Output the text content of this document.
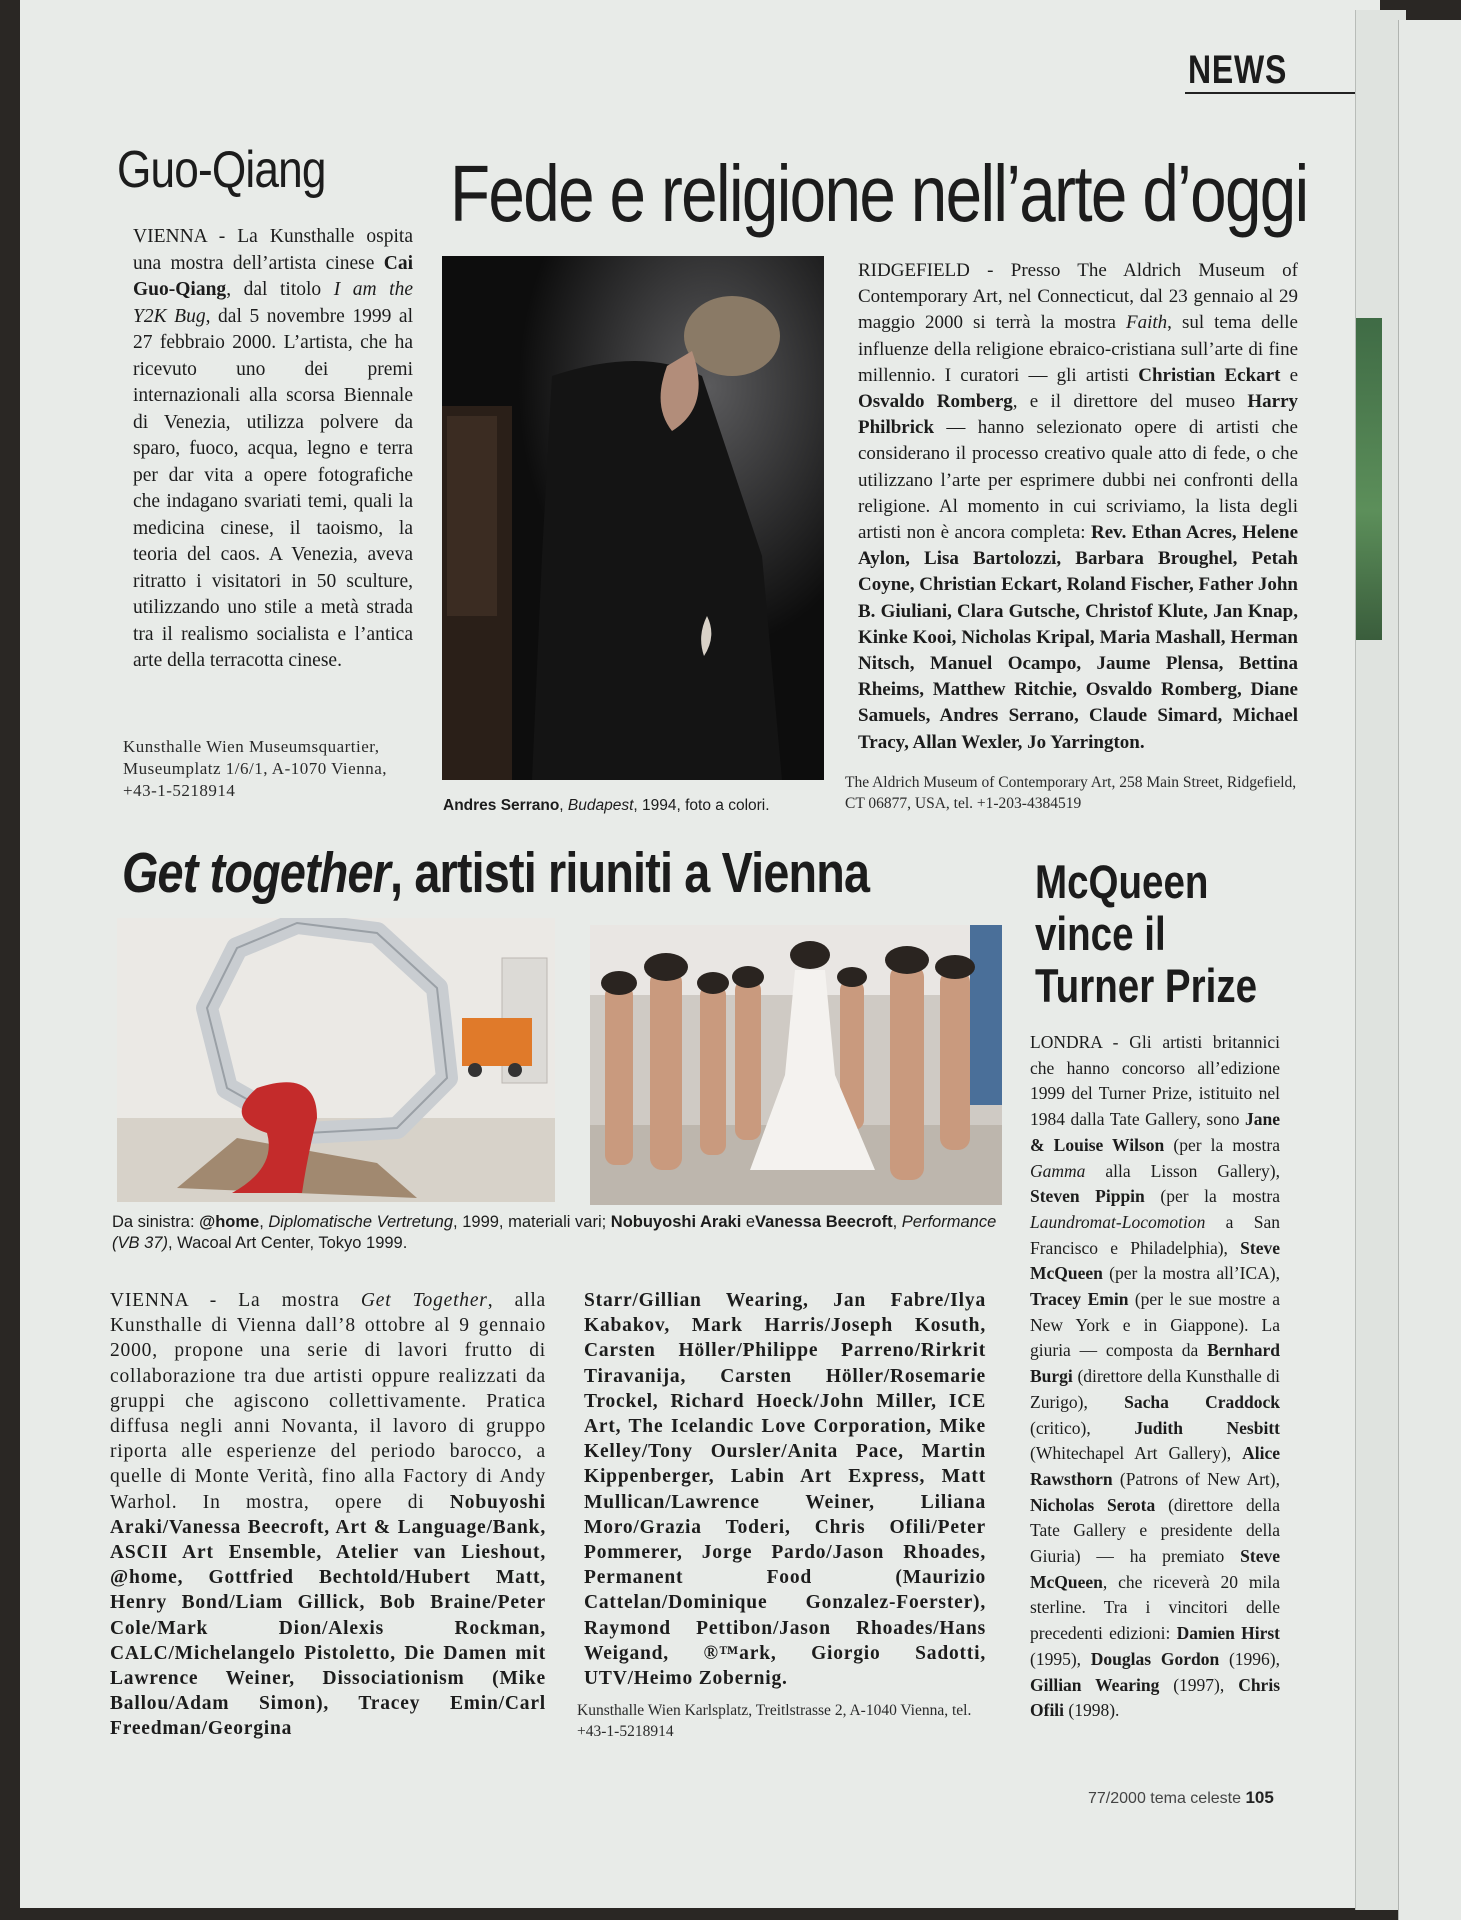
NEWS
Guo-Qiang
VIENNA - La Kunsthalle ospita una mostra dell’artista cinese Cai Guo-Qiang, dal titolo I am the Y2K Bug, dal 5 novembre 1999 al 27 febbraio 2000. L’artista, che ha ricevuto uno dei premi internazionali alla scorsa Biennale di Venezia, utilizza polvere da sparo, fuoco, acqua, legno e terra per dar vita a opere fotografiche che indagano svariati temi, quali la medicina cinese, il taoismo, la teoria del caos. A Venezia, aveva ritratto i visitatori in 50 sculture, utilizzando uno stile a metà strada tra il realismo socialista e l’antica arte della terracotta cinese.
Kunsthalle Wien Museumsquartier, Museumplatz 1/6/1, A-1070 Vienna, +43-1-5218914
Fede e religione nell’arte d’oggi
Andres Serrano, Budapest, 1994, foto a colori.
RIDGEFIELD - Presso The Aldrich Museum of Contemporary Art, nel Connecticut, dal 23 gennaio al 29 maggio 2000 si terrà la mostra Faith, sul tema delle influenze della religione ebraico-cristiana sull’arte di fine millennio. I curatori — gli artisti Christian Eckart e Osvaldo Romberg, e il direttore del museo Harry Philbrick — hanno selezionato opere di artisti che considerano il processo creativo quale atto di fede, o che utilizzano l’arte per esprimere dubbi nei confronti della religione. Al momento in cui scriviamo, la lista degli artisti non è ancora completa: Rev. Ethan Acres, Helene Aylon, Lisa Bartolozzi, Barbara Broughel, Petah Coyne, Christian Eckart, Roland Fischer, Father John B. Giuliani, Clara Gutsche, Christof Klute, Jan Knap, Kinke Kooi, Nicholas Kripal, Maria Mashall, Herman Nitsch, Manuel Ocampo, Jaume Plensa, Bettina Rheims, Matthew Ritchie, Osvaldo Romberg, Diane Samuels, Andres Serrano, Claude Simard, Michael Tracy, Allan Wexler, Jo Yarrington.
The Aldrich Museum of Contemporary Art, 258 Main Street, Ridgefield, CT 06877, USA, tel. +1-203-4384519
Get together, artisti riuniti a Vienna
Da sinistra: @home, Diplomatische Vertretung, 1999, materiali vari; Nobuyoshi Araki eVanessa Beecroft, Performance (VB 37), Wacoal Art Center, Tokyo 1999.
VIENNA - La mostra Get Together, alla Kunsthalle di Vienna dall’8 ottobre al 9 gennaio 2000, propone una serie di lavori frutto di collaborazione tra due artisti oppure realizzati da gruppi che agiscono collettivamente. Pratica diffusa negli anni Novanta, il lavoro di gruppo riporta alle esperienze del periodo barocco, a quelle di Monte Verità, fino alla Factory di Andy Warhol. In mostra, opere di Nobuyoshi Araki/Vanessa Beecroft, Art & Language/Bank, ASCII Art Ensemble, Atelier van Lieshout, @home, Gottfried Bechtold/Hubert Matt, Henry Bond/Liam Gillick, Bob Braine/Peter Cole/Mark Dion/Alexis Rockman, CALC/Michelangelo Pistoletto, Die Damen mit Lawrence Weiner, Dissociationism (Mike Ballou/Adam Simon), Tracey Emin/Carl Freedman/Georgina
Starr/Gillian Wearing, Jan Fabre/Ilya Kabakov, Mark Harris/Joseph Kosuth, Carsten Höller/Philippe Parreno/Rirkrit Tiravanija, Carsten Höller/Rosemarie Trockel, Richard Hoeck/John Miller, ICE Art, The Icelandic Love Corporation, Mike Kelley/Tony Oursler/Anita Pace, Martin Kippenberger, Labin Art Express, Matt Mullican/Lawrence Weiner, Liliana Moro/Grazia Toderi, Chris Ofili/Peter Pommerer, Jorge Pardo/Jason Rhoades, Permanent Food (Maurizio Cattelan/Dominique Gonzalez-Foerster), Raymond Pettibon/Jason Rhoades/Hans Weigand, ®™ark, Giorgio Sadotti, UTV/Heimo Zobernig.
Kunsthalle Wien Karlsplatz, Treitlstrasse 2, A-1040 Vienna, tel. +43-1-5218914
McQueen vince il Turner Prize
LONDRA - Gli artisti britannici che hanno concorso all’edizione 1999 del Turner Prize, istituito nel 1984 dalla Tate Gallery, sono Jane & Louise Wilson (per la mostra Gamma alla Lisson Gallery), Steven Pippin (per la mostra Laundromat-Locomotion a San Francisco e Philadelphia), Steve McQueen (per la mostra all’ICA), Tracey Emin (per le sue mostre a New York e in Giappone). La giuria — composta da Bernhard Burgi (direttore della Kunsthalle di Zurigo), Sacha Craddock (critico), Judith Nesbitt (Whitechapel Art Gallery), Alice Rawsthorn (Patrons of New Art), Nicholas Serota (direttore della Tate Gallery e presidente della Giuria) — ha premiato Steve McQueen, che riceverà 20 mila sterline. Tra i vincitori delle precedenti edizioni: Damien Hirst (1995), Douglas Gordon (1996), Gillian Wearing (1997), Chris Ofili (1998).
77/2000 tema celeste 105
